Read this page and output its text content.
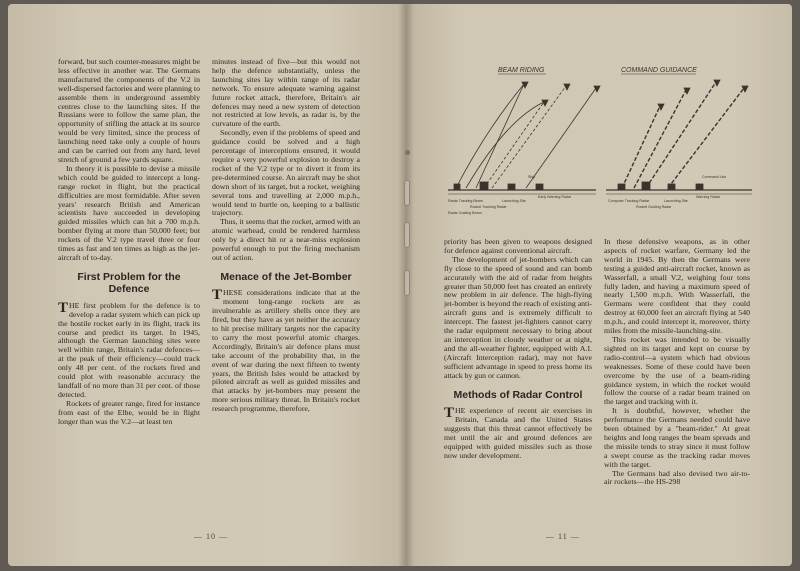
forward, but such counter-measures might be less effective in another war. The Germans manufactured the components of the V.2 in well-dispersed factories and were planning to assemble them in underground assembly centres close to the launching sites. If the Russians were to follow the same plan, the opportunity of stifling the attack at its source would be very limited, since the process of launching need take only a couple of hours and can be carried out from any hard, level stretch of ground a few yards square.

In theory it is possible to devise a missile which could be guided to intercept a long-range rocket in flight, but the practical difficulties are most formidable. After seven years' research British and American scientists have succeeded in developing guided missiles which can hit a 700 m.p.h. bomber flying at more than 50,000 feet; but rockets of the V.2 type travel three or four times as fast and ten times as high as the jet-aircraft of to-day.

First Problem for the Defence

THE first problem for the defence is to develop a radar system which can pick up the hostile rocket early in its flight, track its course and predict its target. In 1945, although the German launching sites were well within range, Britain's radar defences—at the peak of their efficiency—could track only 48 per cent. of the rockets fired and could plot with reasonable accuracy the landfall of no more than 31 per cent. of those detected.

Rockets of greater range, fired for instance from east of the Elbe, would be in flight longer than was the V.2—at least ten

minutes instead of five—but this would not help the defence substantially, unless the launching sites lay within range of its radar network. To ensure adequate warning against future rocket attack, therefore, Britain's air defences may need a new system of detection not restricted at low levels, as radar is, by the curvature of the earth.

Secondly, even if the problems of speed and guidance could be solved and a high percentage of interceptions ensured, it would require a very powerful explosion to destroy a rocket of the V.2 type or to divert it from its pre-determined course. An aircraft may be shot down short of its target, but a rocket, weighing several tons and travelling at 2,000 m.p.h., would tend to hurtle on, keeping to a ballistic trajectory.

Thus, it seems that the rocket, armed with an atomic warhead, could be rendered harmless only by a direct hit or a near-miss explosion powerful enough to put the firing mechanism out of action.

Menace of the Jet-Bomber

THESE considerations indicate that at the moment long-range rockets are as invulnerable as artillery shells once they are fired, but they have as yet neither the accuracy to hit precise military targets nor the capacity to carry the most powerful atomic charges. Accordingly, Britain's air defence plans must take account of the probability that, in the event of war during the next fifteen to twenty years, the British Isles would be attacked by piloted aircraft as well as guided missiles and that attacks by jet-bombers may present the more serious military threat. In Britain's rocket research programme, therefore,

— 10 —
BEAM RIDING	COMMAND GUIDANCE
Radar Tracking Beam
Rocket Tracking Radar
Ship
Radar Guiding Beam
Launching Site
Early Warning Radar
Computer Tracking Radar
Rocket Guiding Radar
Command Link
Launching Site
Warning Radar

priority has been given to weapons designed for defence against conventional aircraft.

The development of jet-bombers which can fly close to the speed of sound and can bomb accurately with the aid of radar from heights greater than 50,000 feet has created an entirely new problem in air defence. The high-flying jet-bomber is beyond the reach of existing anti-aircraft guns and is extremely difficult to intercept. The fastest jet-fighters cannot carry the radar equipment necessary to bring about an interception in cloudy weather or at night, and the all-weather fighter, equipped with A.I. (Aircraft Interception radar), may not have sufficient advantage in speed to press home its attack by gun or cannon.

Methods of Radar Control

THE experience of recent air exercises in Britain, Canada and the United States suggests that this threat cannot effectively be met until the air and ground defences are equipped with guided missiles such as those now under development.

In these defensive weapons, as in other aspects of rocket warfare, Germany led the world in 1945. By then the Germans were testing a guided anti-aircraft rocket, known as Wasserfall, a small V.2, weighing four tons fully laden, and having a maximum speed of nearly 1,500 m.p.h. With Wasserfall, the Germans were confident that they could destroy at 60,000 feet an aircraft flying at 540 m.p.h., and could intercept it, moreover, thirty miles from the missile-launching-site.

This rocket was intended to be visually sighted on its target and kept on course by radio-control—a system which had obvious weaknesses. Some of these could have been overcome by the use of a beam-riding guidance system, in which the rocket would follow the course of a radar beam trained on the target and tracking with it.

It is doubtful, however, whether the performance the Germans needed could have been obtained by a "beam-rider." At great heights and long ranges the beam spreads and the missile tends to stray since it must follow a swept course as the tracking radar moves with the target.

The Germans had also devised two air-to-air rockets—the HS-298

— 11 —
